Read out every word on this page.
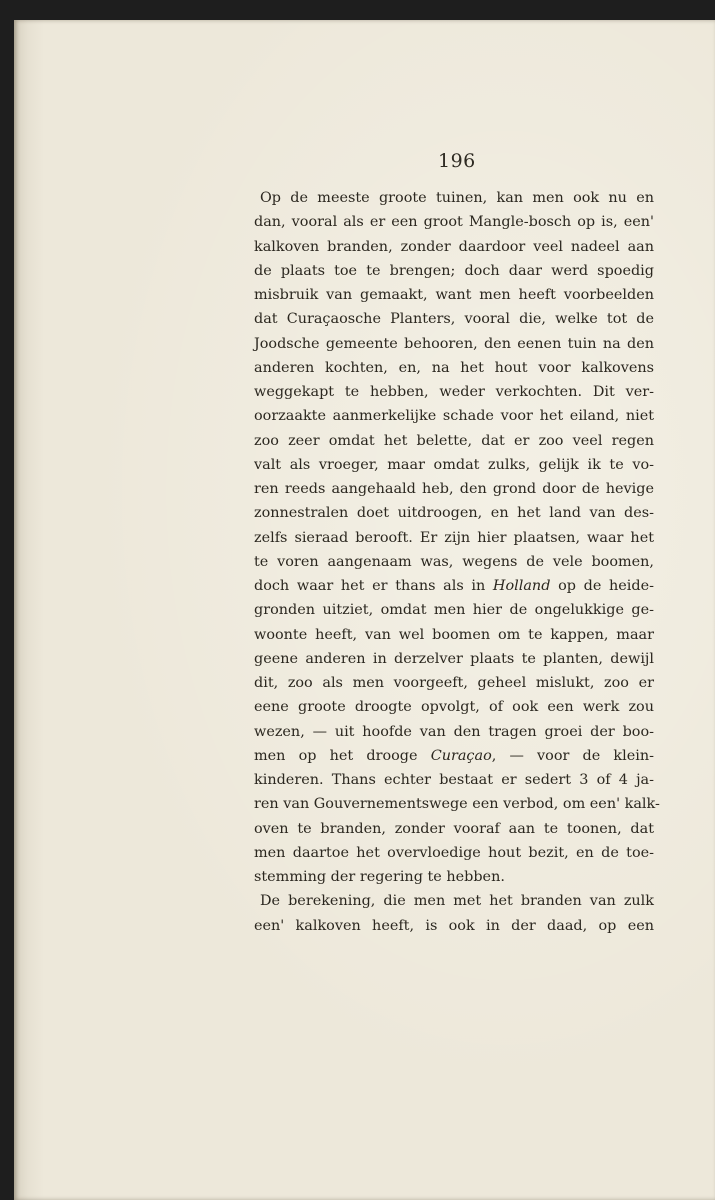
196
Op de meeste groote tuinen, kan men ook nu en
dan, vooral als er een groot Mangle-bosch op is, een'
kalkoven branden, zonder daardoor veel nadeel aan
de plaats toe te brengen; doch daar werd spoedig
misbruik van gemaakt, want men heeft voorbeelden
dat Curaçaosche Planters, vooral die, welke tot de
Joodsche gemeente behooren, den eenen tuin na den
anderen kochten, en, na het hout voor kalkovens
weggekapt te hebben, weder verkochten. Dit ver-
oorzaakte aanmerkelijke schade voor het eiland, niet
zoo zeer omdat het belette, dat er zoo veel regen
valt als vroeger, maar omdat zulks, gelijk ik te vo-
ren reeds aangehaald heb, den grond door de hevige
zonnestralen doet uitdroogen, en het land van des-
zelfs sieraad berooft. Er zijn hier plaatsen, waar het
te voren aangenaam was, wegens de vele boomen,
doch waar het er thans als in Holland op de heide-
gronden uitziet, omdat men hier de ongelukkige ge-
woonte heeft, van wel boomen om te kappen, maar
geene anderen in derzelver plaats te planten, dewijl
dit, zoo als men voorgeeft, geheel mislukt, zoo er
eene groote droogte opvolgt, of ook een werk zou
wezen, — uit hoofde van den tragen groei der boo-
men op het drooge Curaçao, — voor de klein-
kinderen. Thans echter bestaat er sedert 3 of 4 ja-
ren van Gouvernementswege een verbod, om een' kalk-
oven te branden, zonder vooraf aan te toonen, dat
men daartoe het overvloedige hout bezit, en de toe-
stemming der regering te hebben.
De berekening, die men met het branden van zulk
een' kalkoven heeft, is ook in der daad, op een
